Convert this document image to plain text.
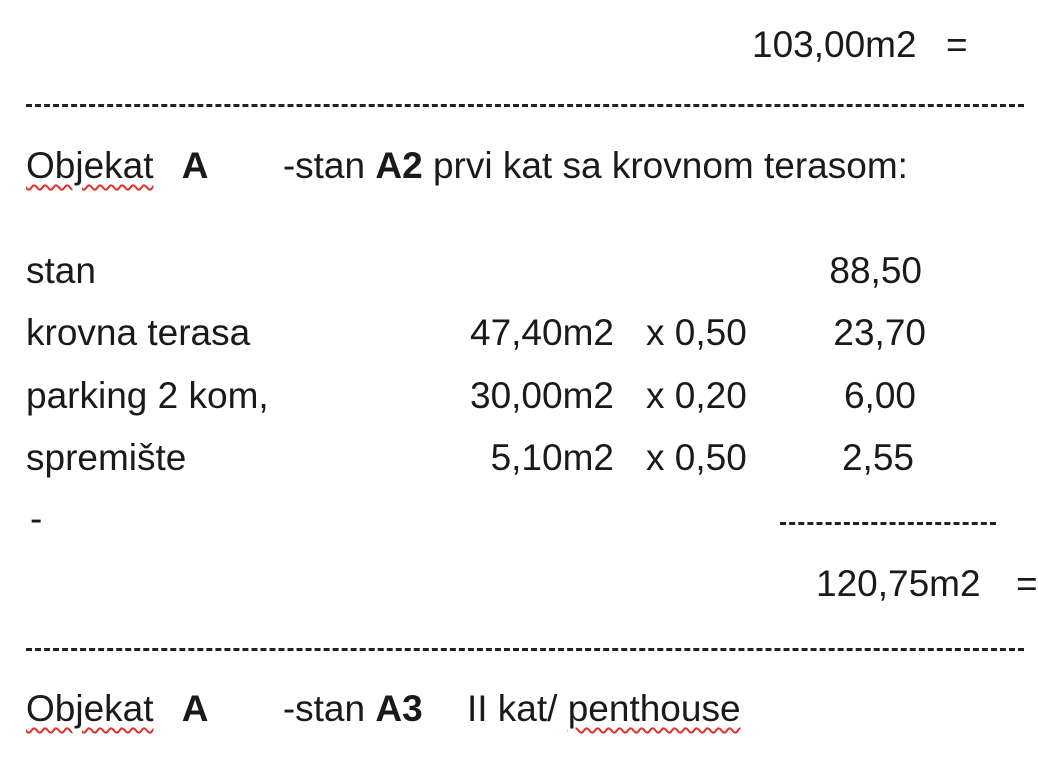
103,00m2 =
Objekat A -stan A2 prvi kat sa krovnom terasom:
stan	88,50
krovna terasa	47,40m2 x 0,50	23,70
parking 2 kom,	30,00m2 x 0,20	6,00
spremište	5,10m2 x 0,50	2,55
-
120,75m2 =
Objekat A -stan A3 II kat/ penthouse
